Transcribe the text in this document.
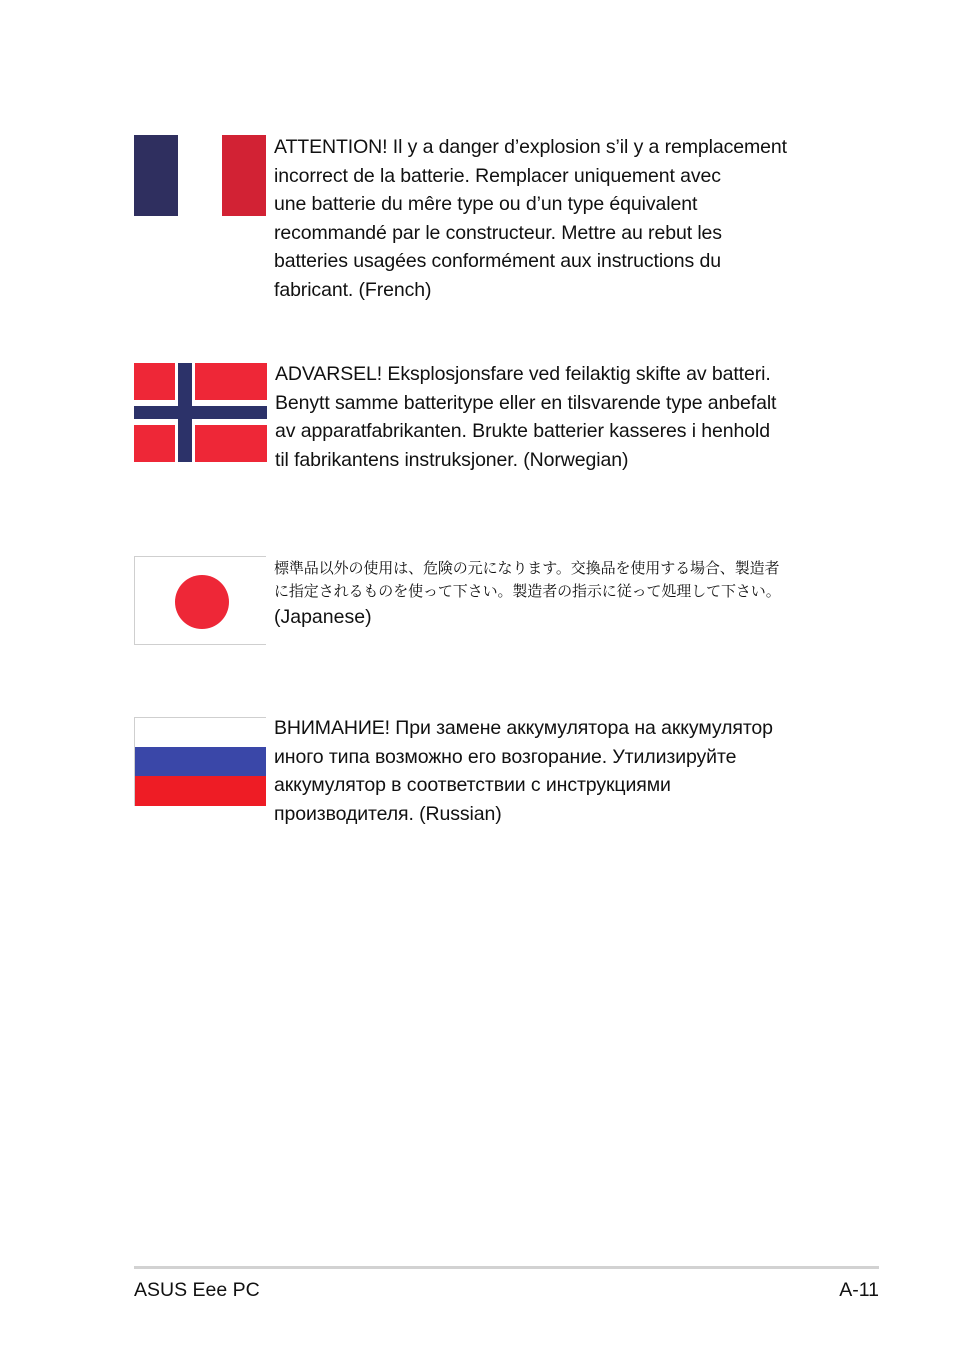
ATTENTION! Il y a danger d’explosion s’il y a remplacement
incorrect de la batterie. Remplacer uniquement avec
une batterie du mêre type ou d’un type équivalent
recommandé par le constructeur. Mettre au rebut les
batteries usagées conformément aux instructions du
fabricant. (French)
ADVARSEL! Eksplosjonsfare ved feilaktig skifte av batteri.
Benytt samme batteritype eller en tilsvarende type anbefalt
av apparatfabrikanten. Brukte batterier kasseres i henhold
til fabrikantens instruksjoner. (Norwegian)
標準品以外の使用は、危険の元になります。交換品を使用する場合、製造者
に指定されるものを使って下さい。製造者の指示に従って処理して下さい。
(Japanese)
ВНИМАНИЕ! При замене аккумулятора на аккумулятор
иного типа возможно его возгорание. Утилизируйте
аккумулятор в соответствии с инструкциями
производителя. (Russian)
ASUS Eee PC	A-11
